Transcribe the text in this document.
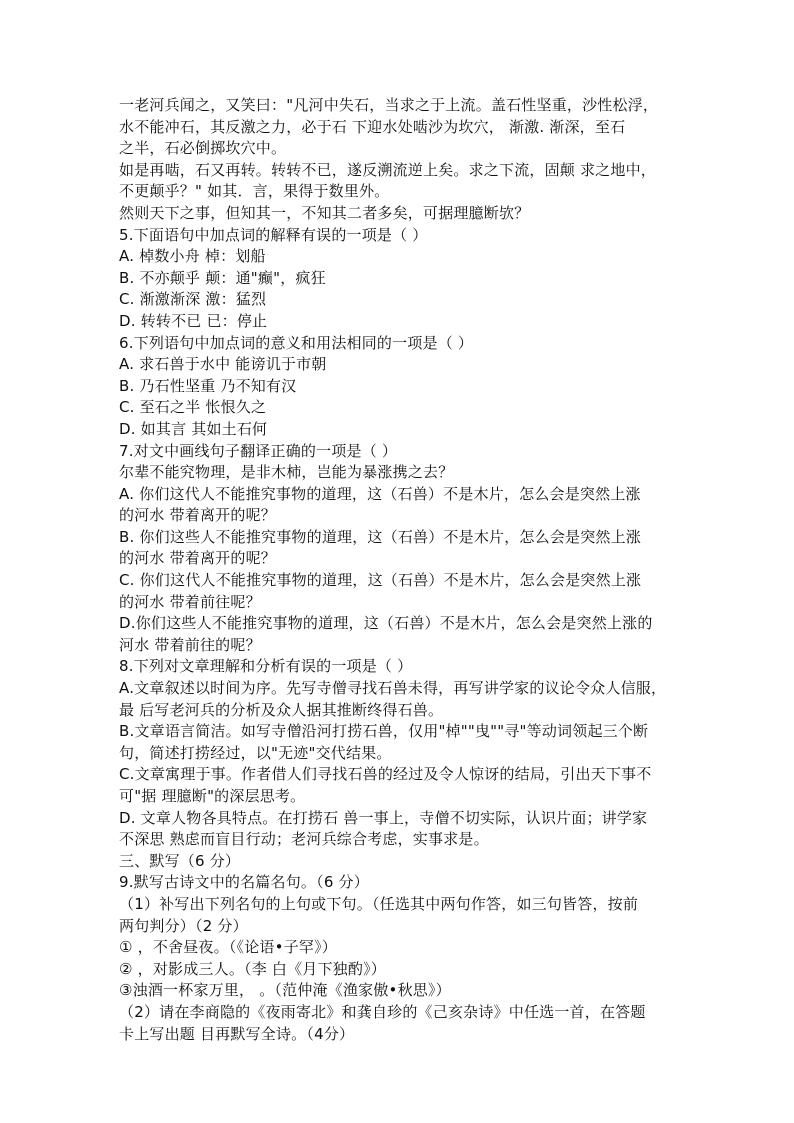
一老河兵闻之，又笑曰："凡河中失石，当求之于上流。盖石性坚重，沙性松浮，
水不能冲石，其反激之力，必于石 下迎水处啮沙为坎穴， 渐激. 渐深，至石
之半，石必倒掷坎穴中。
如是再啮，石又再转。转转不已，遂反溯流逆上矣。求之下流，固颠 求之地中，
不更颠乎？" 如其．言，果得于数里外。
然则天下之事，但知其一，不知其二者多矣，可据理臆断欤？
5.下面语句中加点词的解释有误的一项是（ ）
A. 棹数小舟 棹：划船
B. 不亦颠乎 颠：通"癫"，疯狂
C. 渐激渐深 激：猛烈
D. 转转不已 已：停止
6.下列语句中加点词的意义和用法相同的一项是（ ）
A. 求石兽于水中 能谤讥于市朝
B. 乃石性坚重 乃不知有汉
C. 至石之半 怅恨久之
D. 如其言 其如土石何
7.对文中画线句子翻译正确的一项是（ ）
尔辈不能究物理，是非木柿，岂能为暴涨携之去？
A. 你们这代人不能推究事物的道理，这（石兽）不是木片，怎么会是突然上涨
的河水 带着离开的呢？
B. 你们这些人不能推究事物的道理，这（石兽）不是木片，怎么会是突然上涨
的河水 带着离开的呢？
C. 你们这代人不能推究事物的道理，这（石兽）不是木片，怎么会是突然上涨
的河水 带着前往呢？
D.你们这些人不能推究事物的道理，这（石兽）不是木片，怎么会是突然上涨的
河水 带着前往的呢？
8.下列对文章理解和分析有误的一项是（ ）
A.文章叙述以时间为序。先写寺僧寻找石兽未得，再写讲学家的议论令众人信服，
最 后写老河兵的分析及众人据其推断终得石兽。
B.文章语言简洁。如写寺僧沿河打捞石兽，仅用"棹""曳""寻"等动词领起三个断
句，简述打捞经过，以"无迹"交代结果。
C.文章寓理于事。作者借人们寻找石兽的经过及令人惊讶的结局，引出天下事不
可"据 理臆断"的深层思考。
D. 文章人物各具特点。在打捞石 兽一事上，寺僧不切实际，认识片面；讲学家
不深思 熟虑而盲目行动；老河兵综合考虑，实事求是。
三、默写（6 分）
9.默写古诗文中的名篇名句。（6 分）
（1）补写出下列名句的上句或下句。（任选其中两句作答，如三句皆答，按前
两句判分）（2 分）
① ，不舍昼夜。（《论语•子罕》）
② ，对影成三人。（李 白《月下独酌》）
③浊酒一杯家万里， 。（范仲淹《渔家傲•秋思》）
（2）请在李商隐的《夜雨寄北》和龚自珍的《己亥杂诗》中任选一首，在答题
卡上写出题 目再默写全诗。（4分）
